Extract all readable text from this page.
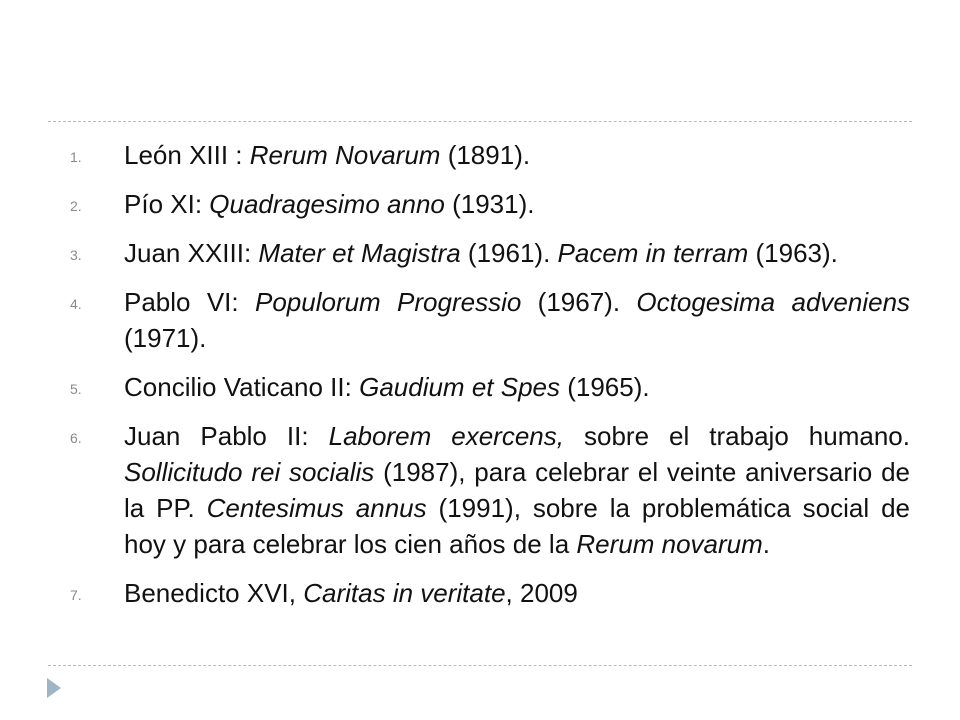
1.	León XIII : Rerum Novarum (1891).
2.	Pío XI: Quadragesimo anno (1931).
3.	Juan XXIII: Mater et Magistra (1961). Pacem in terram (1963).
4.	Pablo VI: Populorum Progressio (1967). Octogesima adveniens (1971).
5.	Concilio Vaticano II: Gaudium et Spes (1965).
6.	Juan Pablo II: Laborem exercens, sobre el trabajo humano. Sollicitudo rei socialis (1987), para celebrar el veinte aniversario de la PP. Centesimus annus (1991), sobre la problemática social de hoy y para celebrar los cien años de la Rerum novarum.
7.	Benedicto XVI, Caritas in veritate, 2009
